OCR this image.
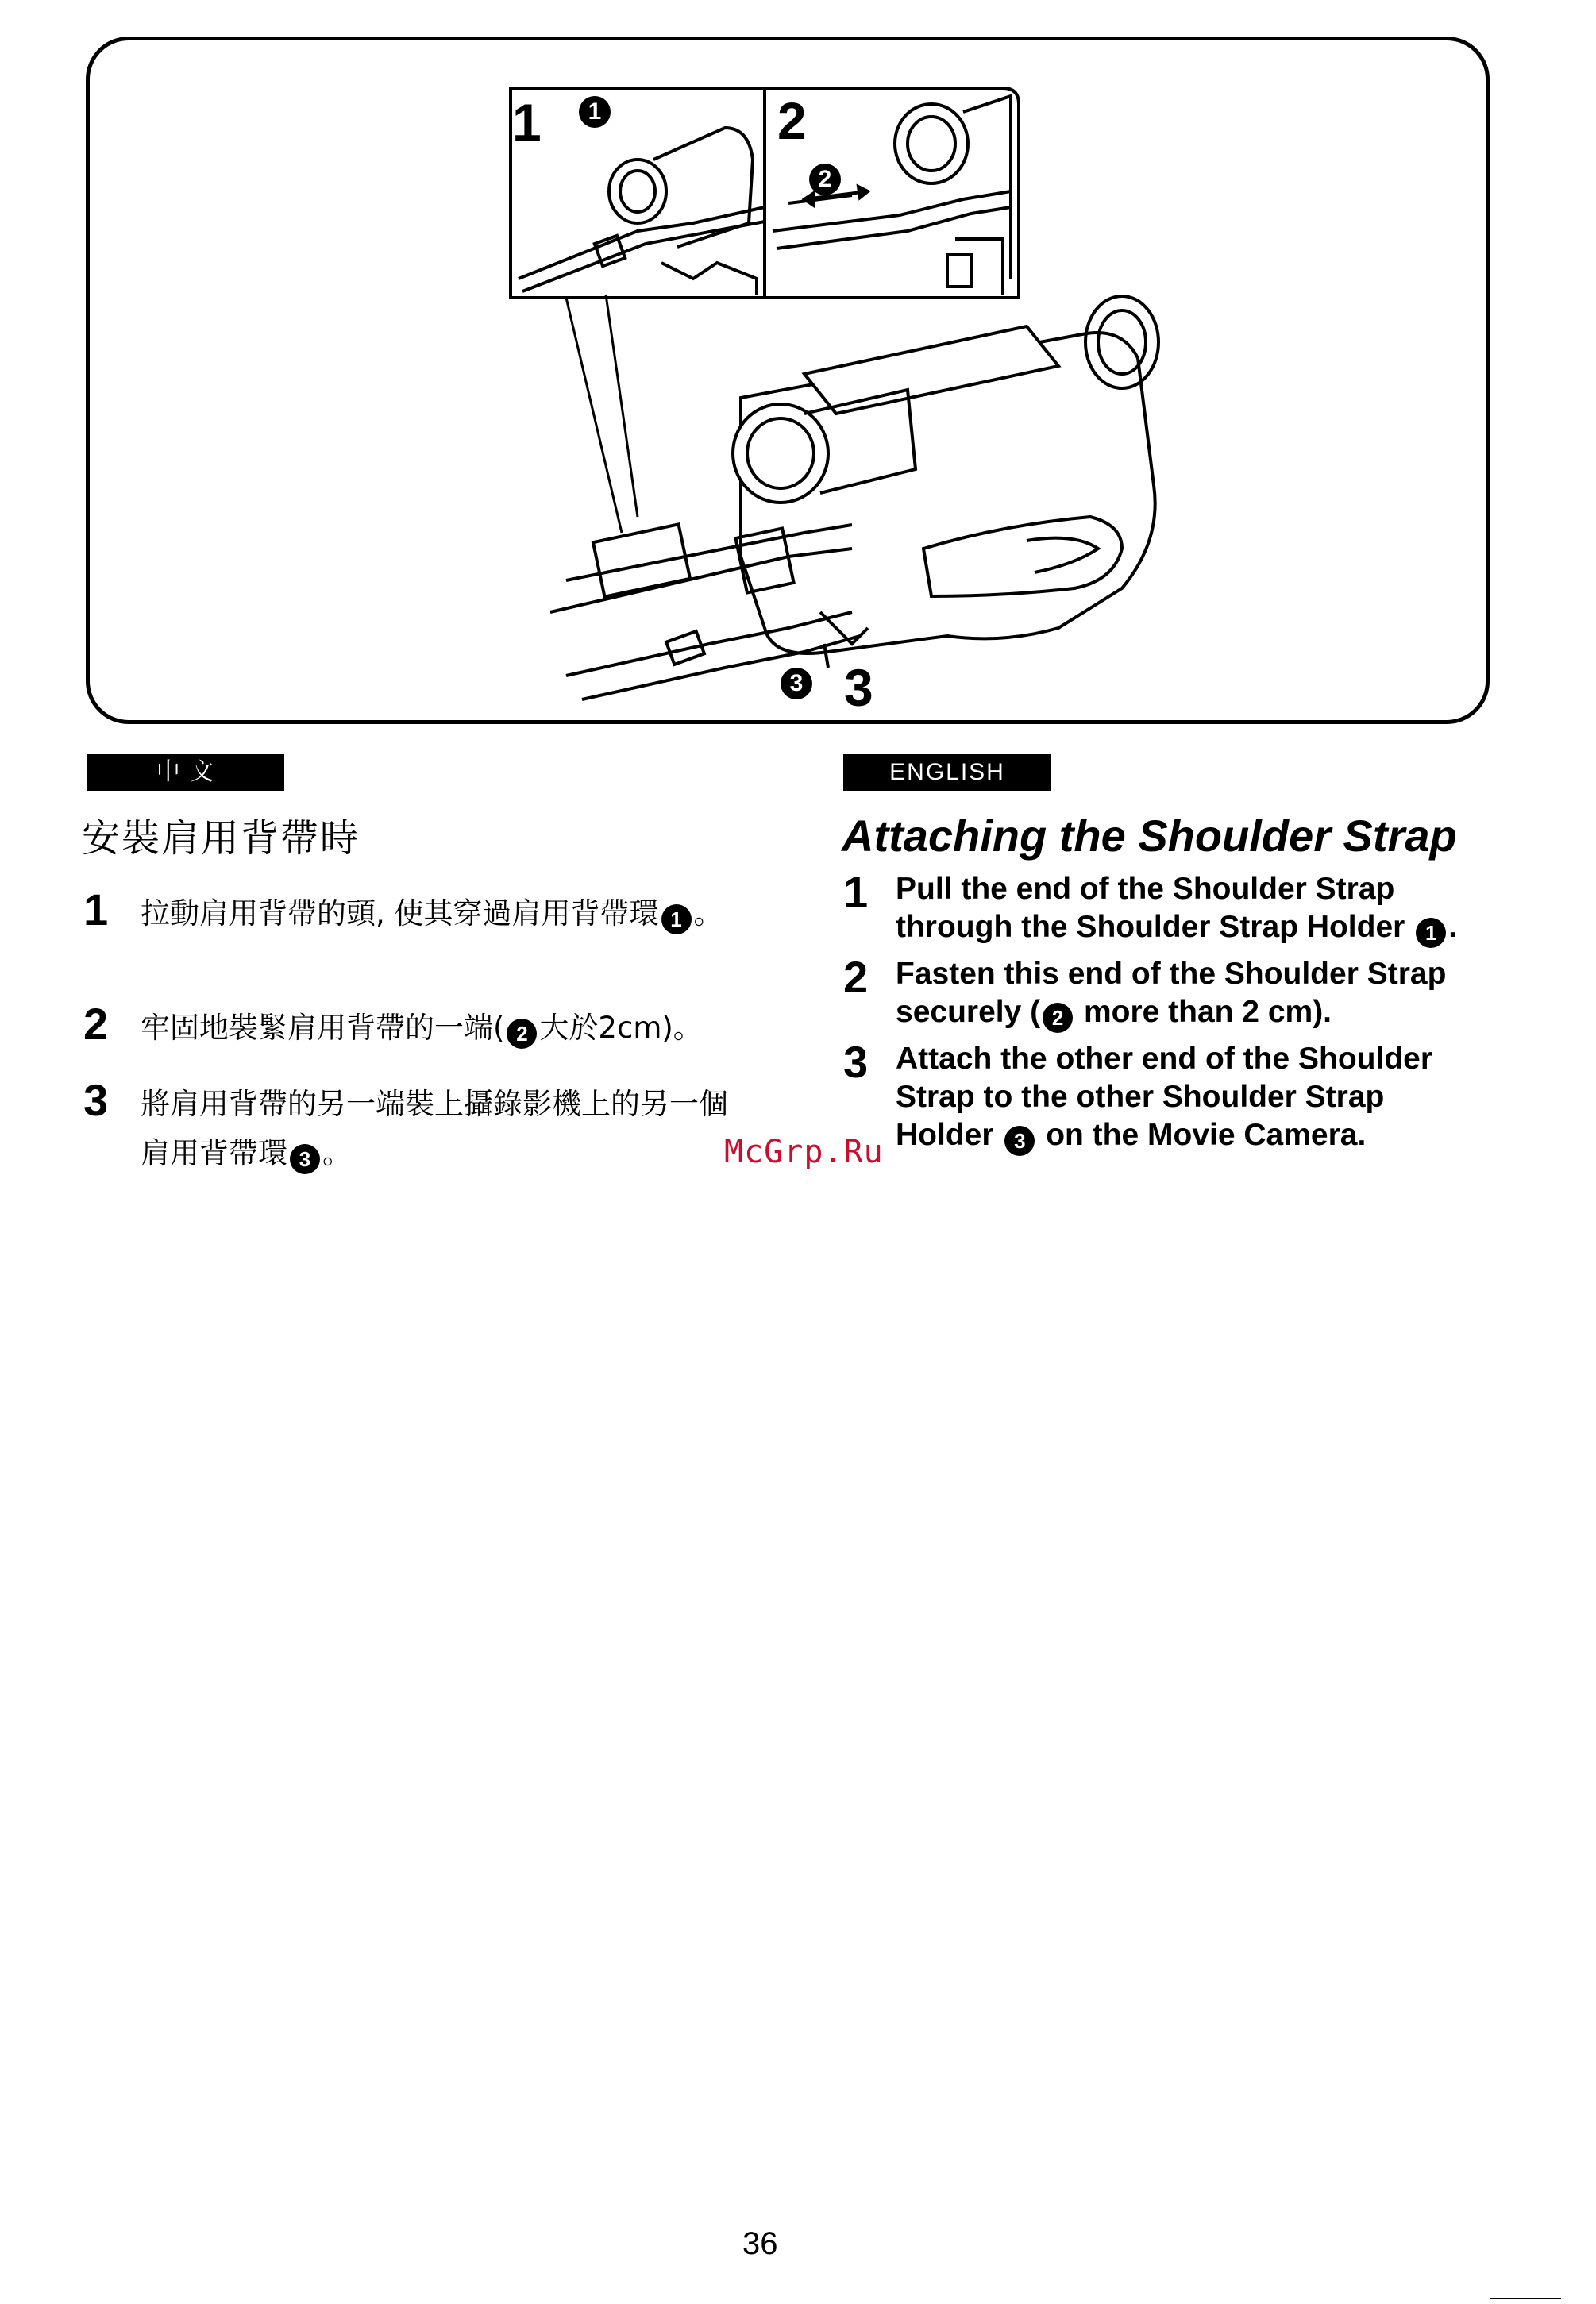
1	1	2
2
3 3
中 文
安裝肩用背帶時
1 拉動肩用背帶的頭, 使其穿過肩用背帶環 1 。
2 牢固地裝緊肩用背帶的一端( 2 大於2cm)。
3 將肩用背帶的另一端裝上攝錄影機上的另一個肩用背帶環 3 。
ENGLISH
Attaching the Shoulder Strap
1 Pull the end of the Shoulder Strap through the Shoulder Strap Holder 1 .
2 Fasten this end of the Shoulder Strap securely ( 2 more than 2 cm).
3 Attach the other end of the Shoulder Strap to the other Shoulder Strap Holder 3 on the Movie Camera.
McGrp.Ru
36
